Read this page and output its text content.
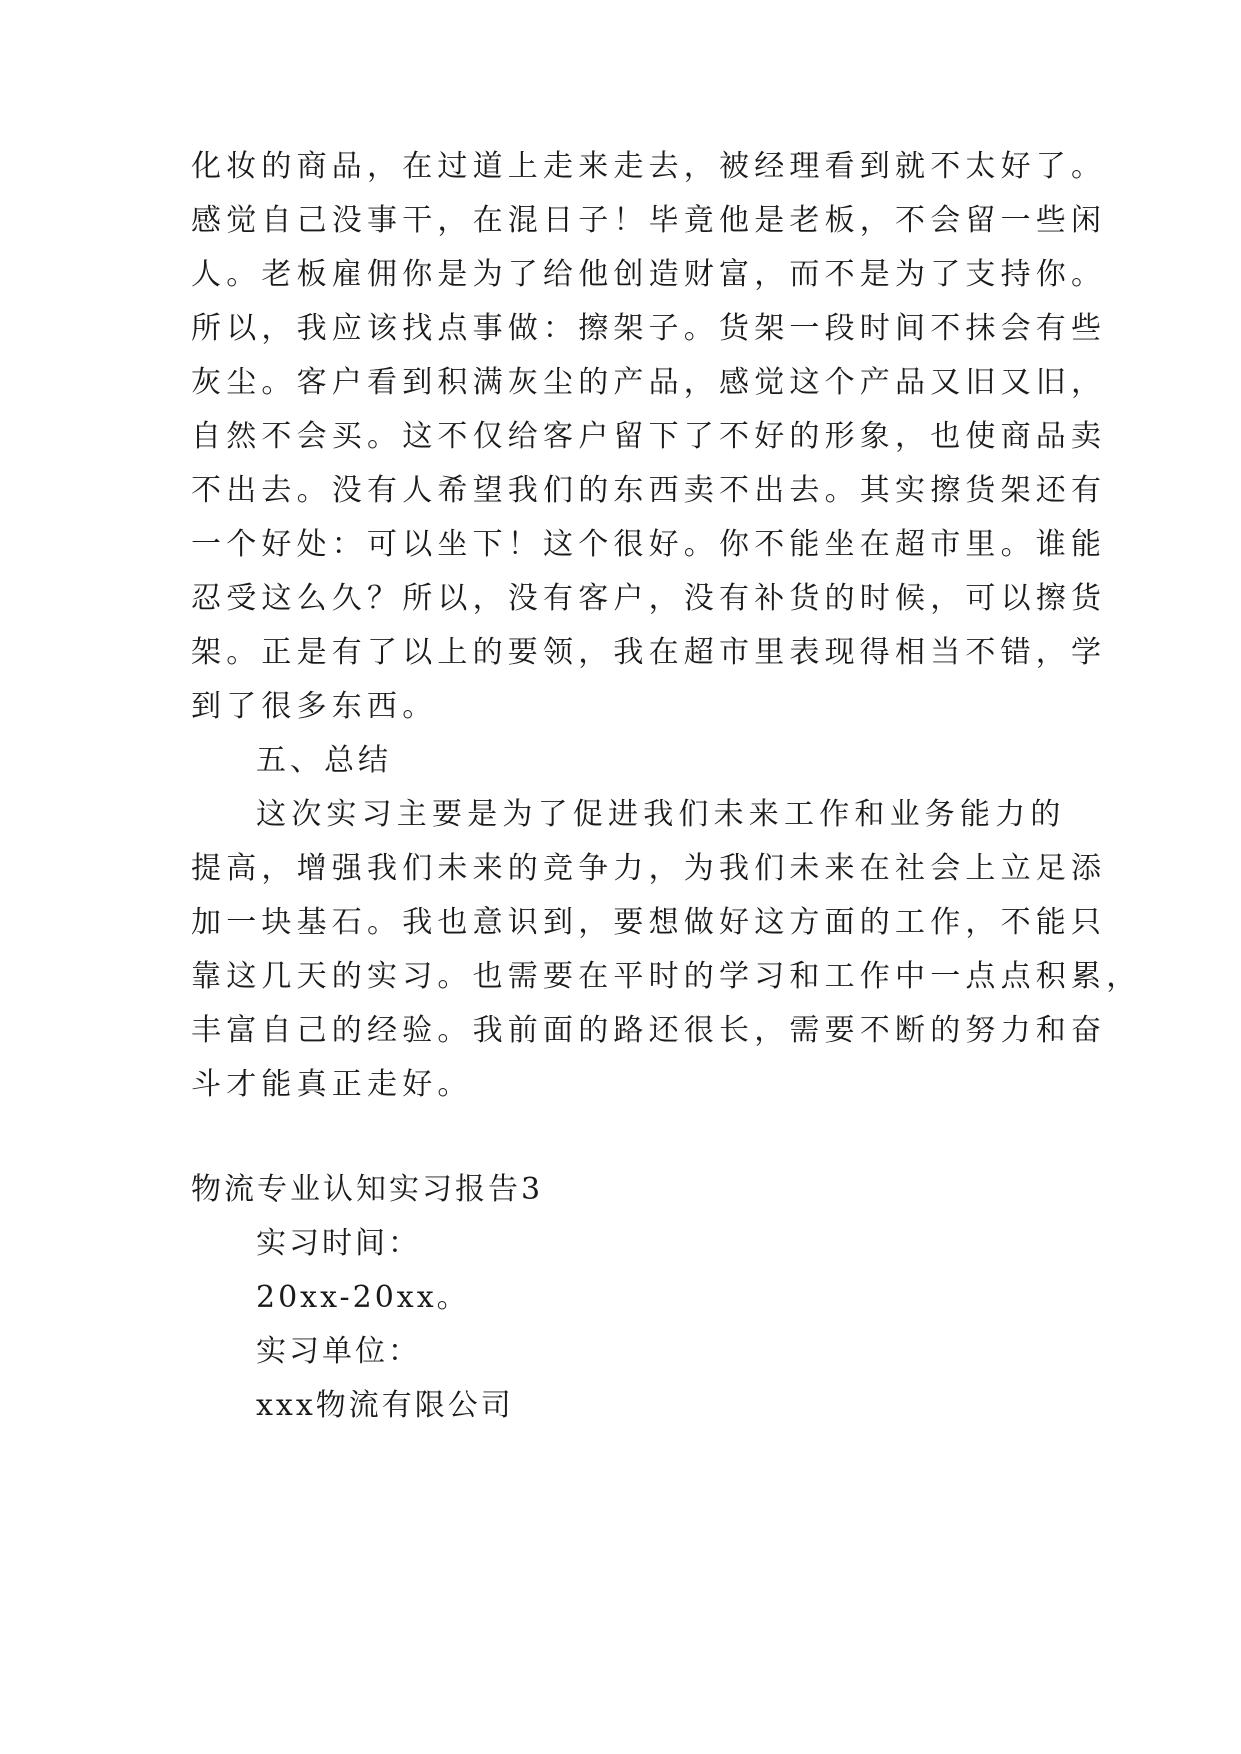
化妆的商品，在过道上走来走去，被经理看到就不太好了。
感觉自己没事干，在混日子！毕竟他是老板，不会留一些闲
人。老板雇佣你是为了给他创造财富，而不是为了支持你。
所以，我应该找点事做：擦架子。货架一段时间不抹会有些
灰尘。客户看到积满灰尘的产品，感觉这个产品又旧又旧，
自然不会买。这不仅给客户留下了不好的形象，也使商品卖
不出去。没有人希望我们的东西卖不出去。其实擦货架还有
一个好处：可以坐下！这个很好。你不能坐在超市里。谁能
忍受这么久？所以，没有客户，没有补货的时候，可以擦货
架。正是有了以上的要领，我在超市里表现得相当不错，学
到了很多东西。
五、总结
这次实习主要是为了促进我们未来工作和业务能力的
提高，增强我们未来的竞争力，为我们未来在社会上立足添
加一块基石。我也意识到，要想做好这方面的工作，不能只
靠这几天的实习。也需要在平时的学习和工作中一点点积累，
丰富自己的经验。我前面的路还很长，需要不断的努力和奋
斗才能真正走好。
物流专业认知实习报告3
实习时间：
20xx-20xx。
实习单位：
xxx物流有限公司
